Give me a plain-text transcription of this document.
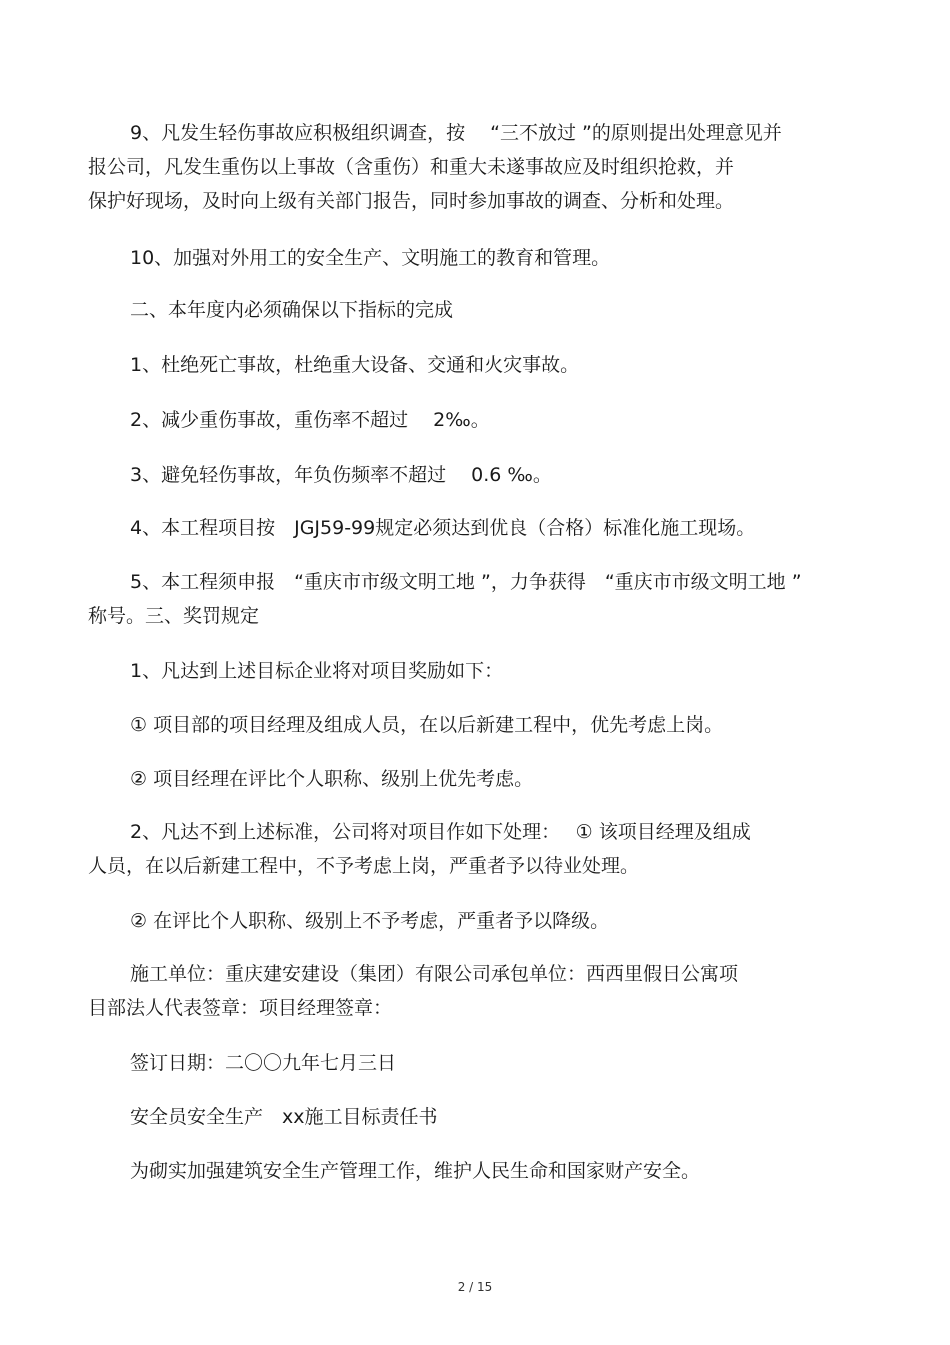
9、凡发生轻伤事故应积极组织调查，按　 “三不放过 ”的原则提出处理意见并
报公司，凡发生重伤以上事故（含重伤）和重大未遂事故应及时组织抢救，并
保护好现场，及时向上级有关部门报告，同时参加事故的调查、分析和处理。
10、加强对外用工的安全生产、文明施工的教育和管理。
二、本年度内必须确保以下指标的完成
1、杜绝死亡事故，杜绝重大设备、交通和火灾事故。
2、减少重伤事故，重伤率不超过　 2‰。
3、避免轻伤事故，年负伤频率不超过　 0.6 ‰。
4、本工程项目按　JGJ59-99规定必须达到优良（合格）标准化施工现场。
5、本工程须申报　“重庆市市级文明工地 ”，力争获得　“重庆市市级文明工地 ”
称号。三、奖罚规定
1、凡达到上述目标企业将对项目奖励如下：
① 项目部的项目经理及组成人员，在以后新建工程中，优先考虑上岗。
② 项目经理在评比个人职称、级别上优先考虑。
2、凡达不到上述标准，公司将对项目作如下处理：　 ① 该项目经理及组成
人员，在以后新建工程中，不予考虑上岗，严重者予以待业处理。
② 在评比个人职称、级别上不予考虑，严重者予以降级。
施工单位：重庆建安建设（集团）有限公司承包单位：西西里假日公寓项
目部法人代表签章：项目经理签章：
签订日期：二〇〇九年七月三日
安全员安全生产　xx施工目标责任书
为砌实加强建筑安全生产管理工作，维护人民生命和国家财产安全。
2 / 15
